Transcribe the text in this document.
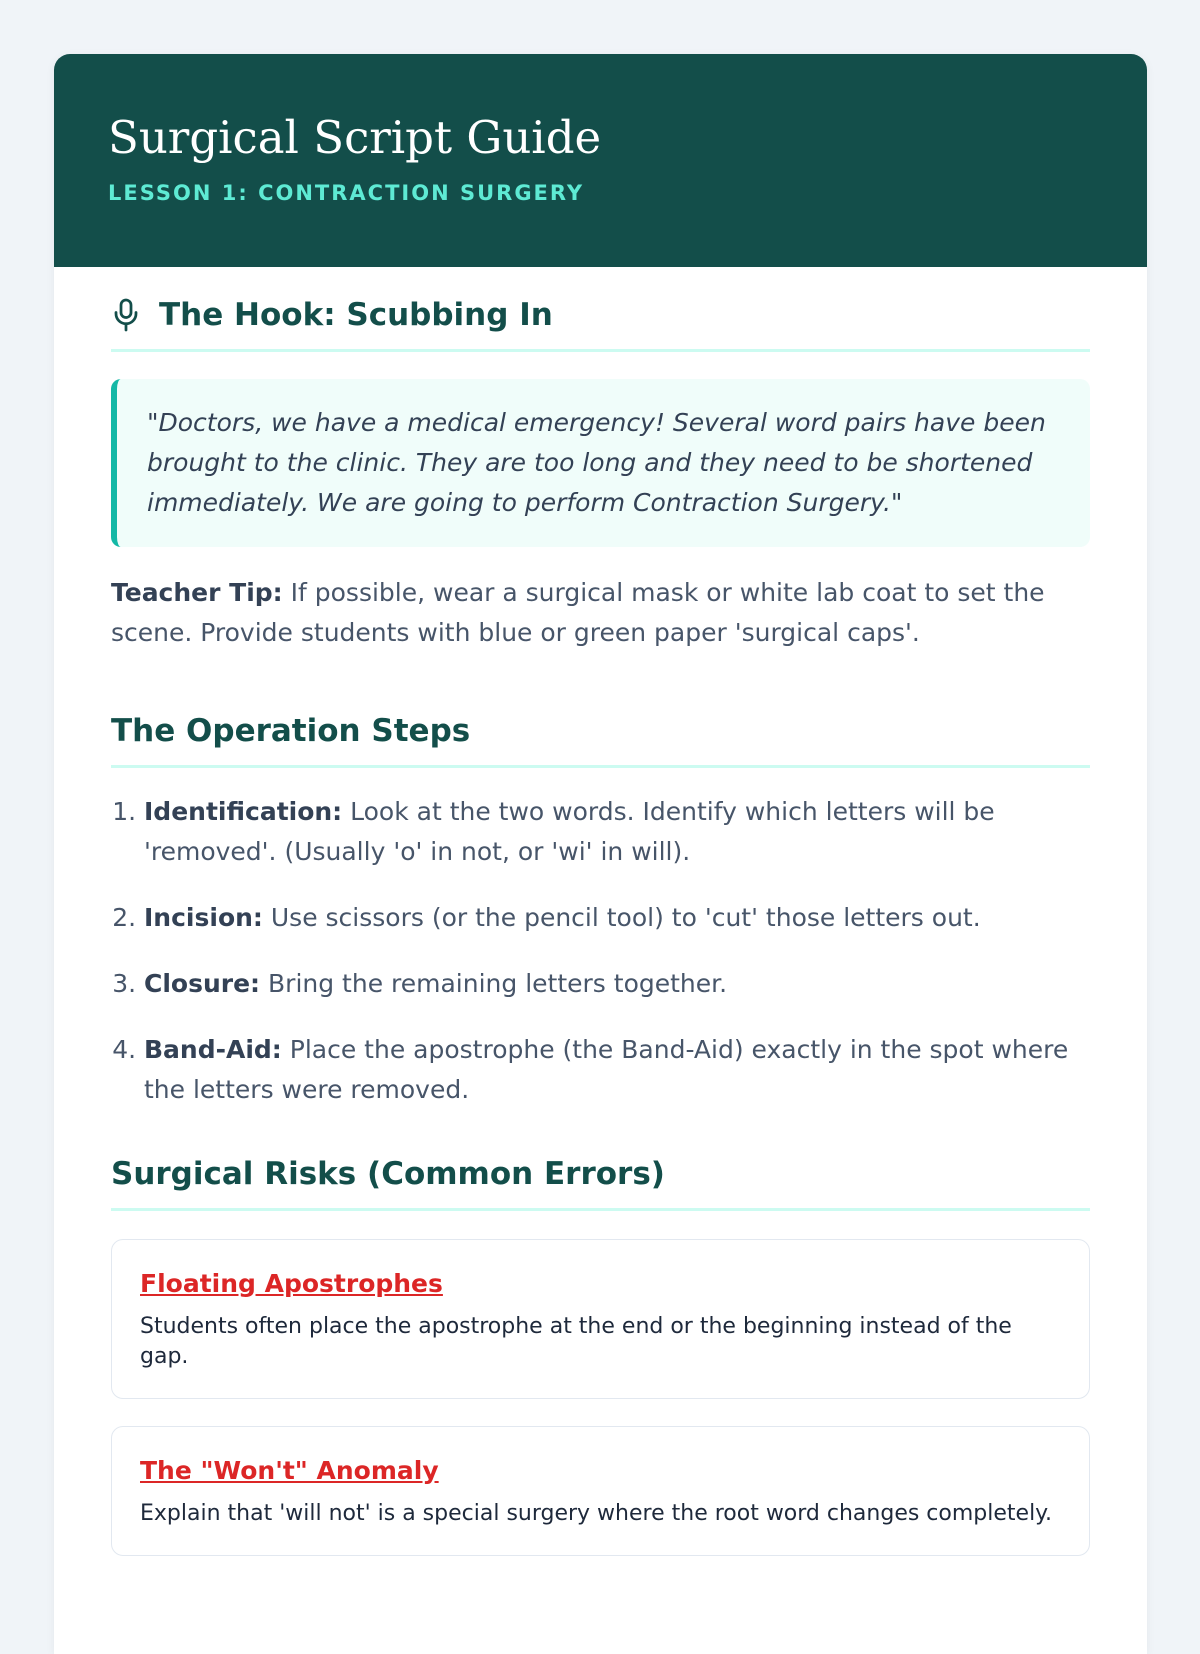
Surgical Script Guide
LESSON 1: CONTRACTION SURGERY
The Hook: Scubbing In
"Doctors, we have a medical emergency! Several word pairs have been brought to the clinic. They are too long and they need to be shortened immediately. We are going to perform Contraction Surgery."
Teacher Tip: If possible, wear a surgical mask or white lab coat to set the scene. Provide students with blue or green paper 'surgical caps'.
The Operation Steps
1. Identification: Look at the two words. Identify which letters will be 'removed'. (Usually 'o' in not, or 'wi' in will).
2. Incision: Use scissors (or the pencil tool) to 'cut' those letters out.
3. Closure: Bring the remaining letters together.
4. Band-Aid: Place the apostrophe (the Band-Aid) exactly in the spot where the letters were removed.
Surgical Risks (Common Errors)
Floating Apostrophes
Students often place the apostrophe at the end or the beginning instead of the gap.
The "Won't" Anomaly
Explain that 'will not' is a special surgery where the root word changes completely.
